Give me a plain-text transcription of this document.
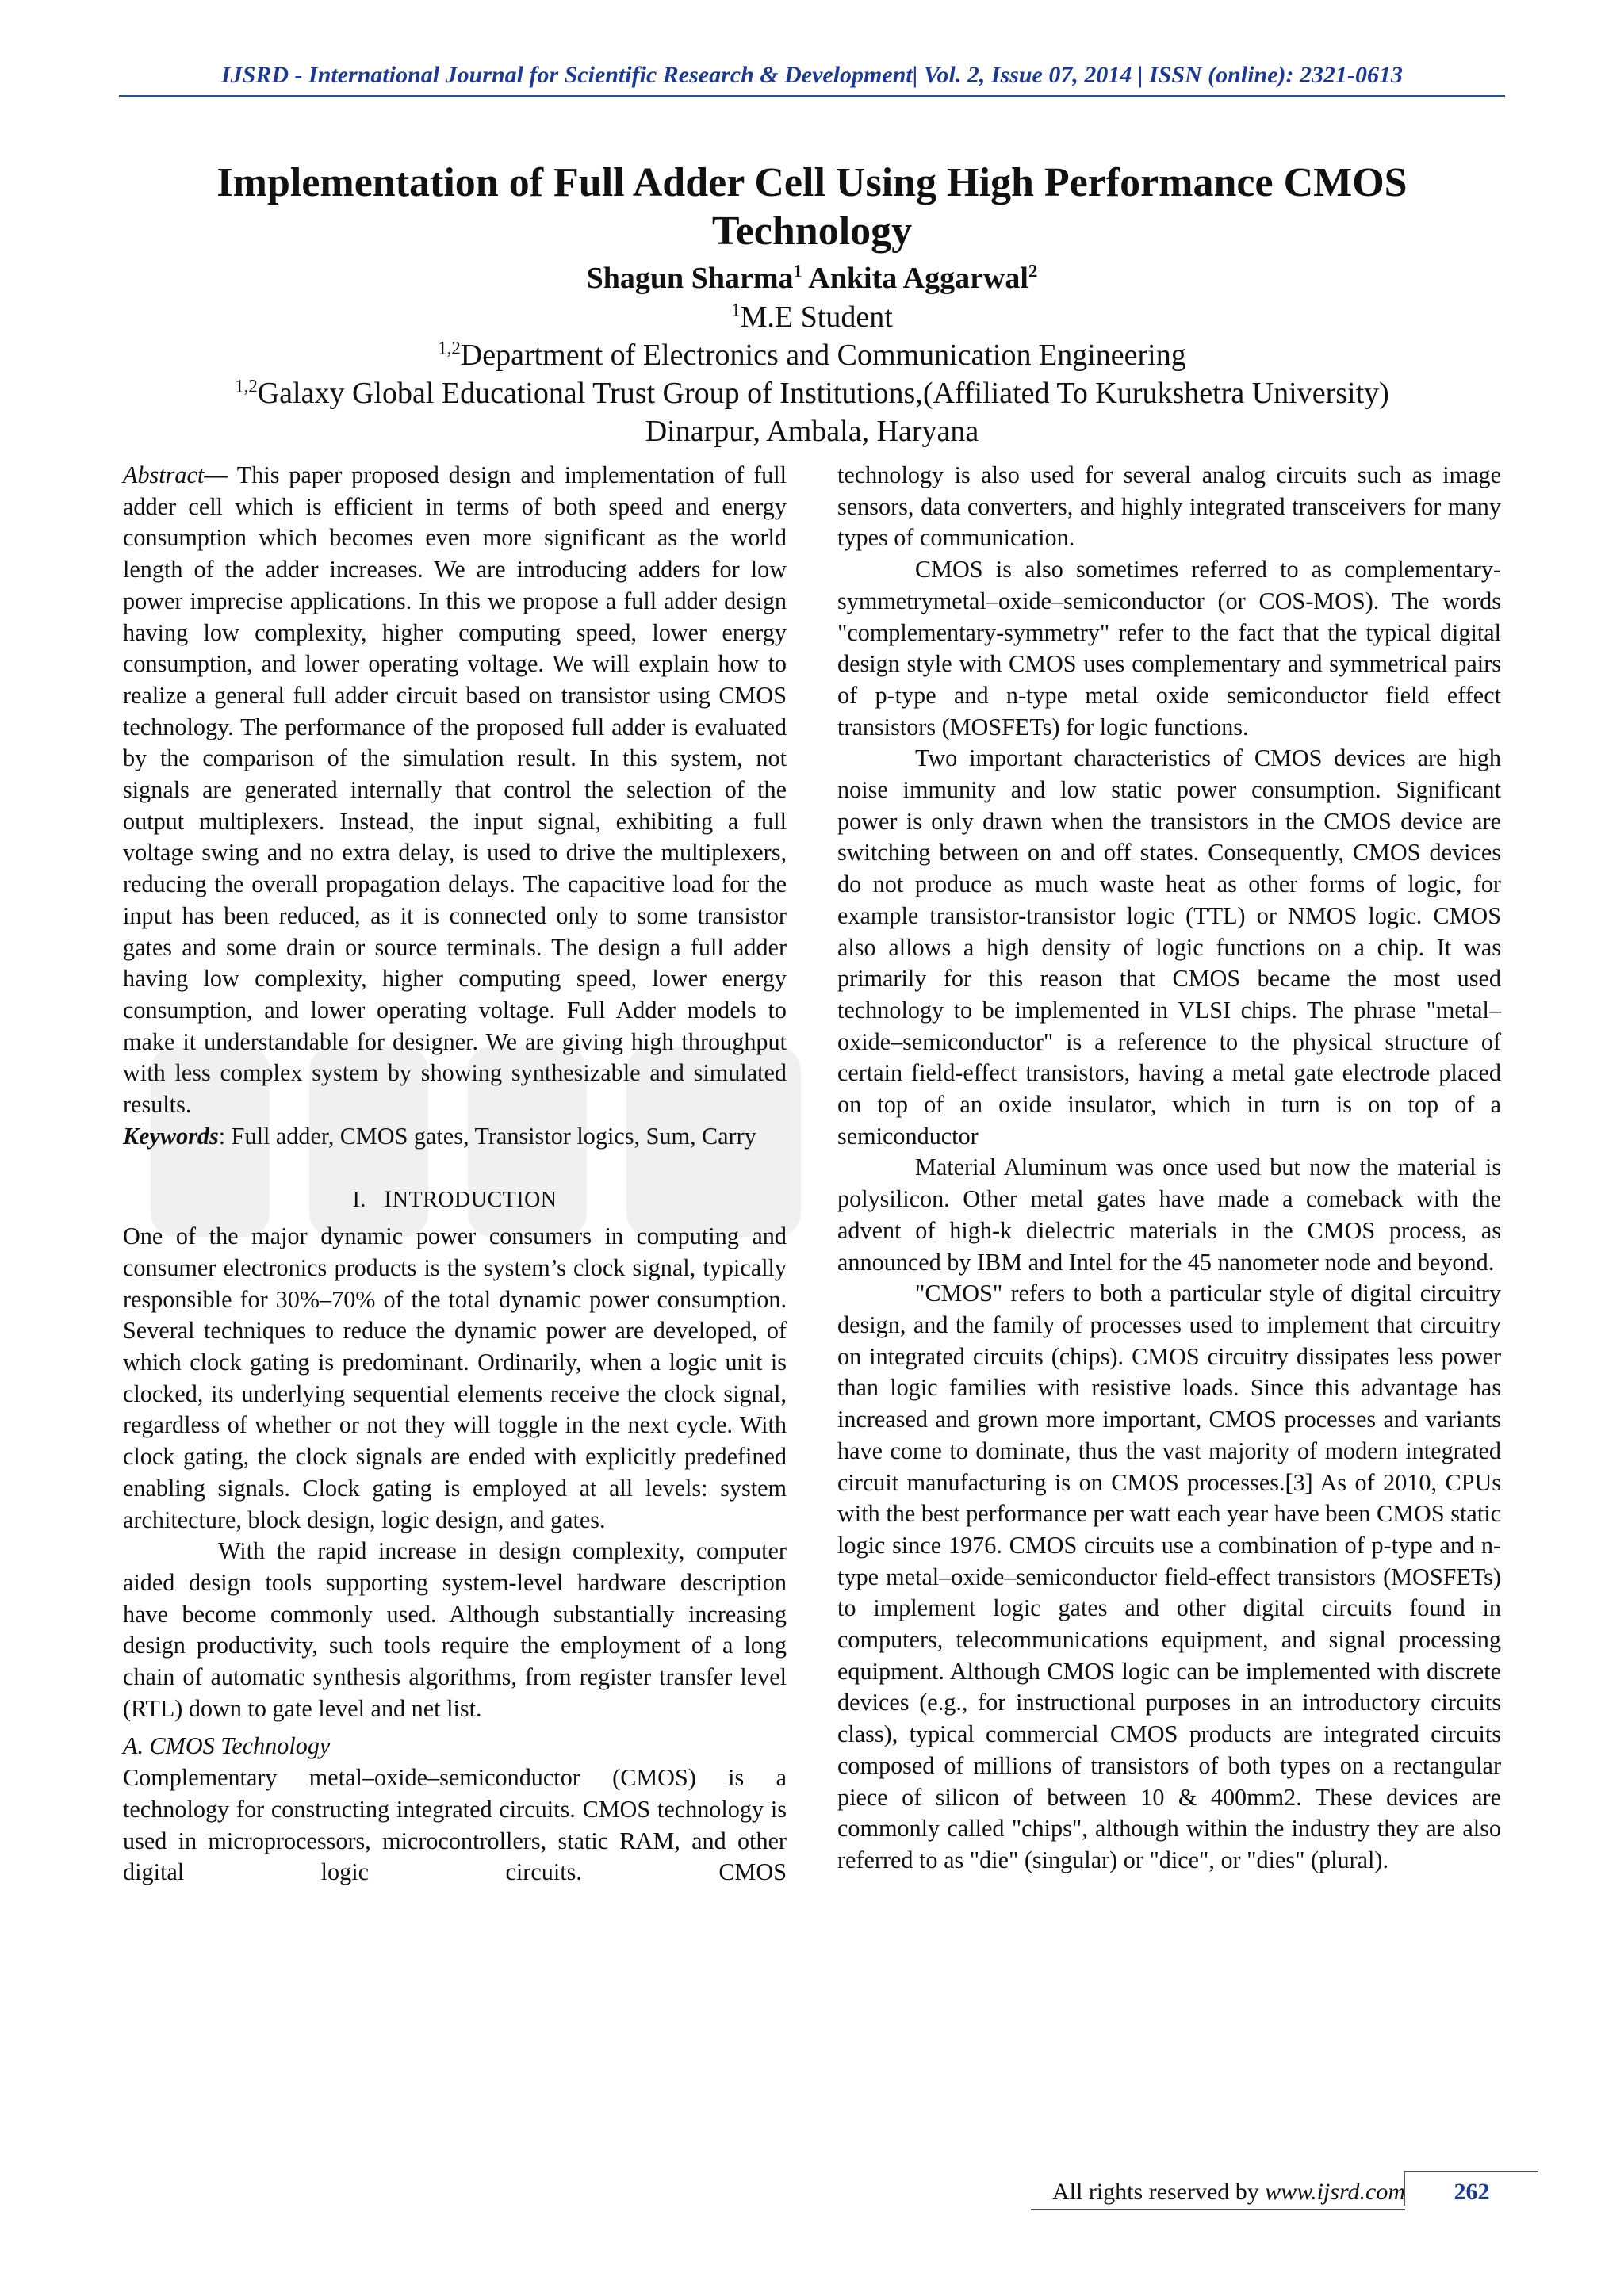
IJSRD - International Journal for Scientific Research & Development| Vol. 2, Issue 07, 2014 | ISSN (online): 2321-0613
Implementation of Full Adder Cell Using High Performance CMOS
Technology
Shagun Sharma$^1$ Ankita Aggarwal$^2$
$^1$M.E Student
$^{1,2}$Department of Electronics and Communication Engineering
$^{1,2}$Galaxy Global Educational Trust Group of Institutions,(Affiliated To Kurukshetra University)
Dinarpur, Ambala, Haryana

Abstract— This paper proposed design and implementation of full adder cell which is efficient in terms of both speed and energy consumption which becomes even more significant as the world length of the adder increases. We are introducing adders for low power imprecise applications. In this we propose a full adder design having low complexity, higher computing speed, lower energy consumption, and lower operating voltage. We will explain how to realize a general full adder circuit based on transistor using CMOS technology. The performance of the proposed full adder is evaluated by the comparison of the simulation result. In this system, not signals are generated internally that control the selection of the output multiplexers. Instead, the input signal, exhibiting a full voltage swing and no extra delay, is used to drive the multiplexers, reducing the overall propagation delays. The capacitive load for the input has been reduced, as it is connected only to some transistor gates and some drain or source terminals. The design a full adder having low complexity, higher computing speed, lower energy consumption, and lower operating voltage. Full Adder models to make it understandable for designer. We are giving high throughput with less complex system by showing synthesizable and simulated results.

Keywords: Full adder, CMOS gates, Transistor logics, Sum, Carry

I. INTRODUCTION

One of the major dynamic power consumers in computing and consumer electronics products is the system’s clock signal, typically responsible for 30%–70% of the total dynamic power consumption. Several techniques to reduce the dynamic power are developed, of which clock gating is predominant. Ordinarily, when a logic unit is clocked, its underlying sequential elements receive the clock signal, regardless of whether or not they will toggle in the next cycle. With clock gating, the clock signals are ended with explicitly predefined enabling signals. Clock gating is employed at all levels: system architecture, block design, logic design, and gates.

With the rapid increase in design complexity, computer aided design tools supporting system-level hardware description have become commonly used. Although substantially increasing design productivity, such tools require the employment of a long chain of automatic synthesis algorithms, from register transfer level (RTL) down to gate level and net list.

A. CMOS Technology

Complementary metal–oxide–semiconductor (CMOS) is a technology for constructing integrated circuits. CMOS technology is used in microprocessors, microcontrollers, static RAM, and other digital logic circuits. CMOS

technology is also used for several analog circuits such as image sensors, data converters, and highly integrated transceivers for many types of communication.

CMOS is also sometimes referred to as complementary-symmetrymetal–oxide–semiconductor (or COS-MOS). The words "complementary-symmetry" refer to the fact that the typical digital design style with CMOS uses complementary and symmetrical pairs of p-type and n-type metal oxide semiconductor field effect transistors (MOSFETs) for logic functions.

Two important characteristics of CMOS devices are high noise immunity and low static power consumption. Significant power is only drawn when the transistors in the CMOS device are switching between on and off states. Consequently, CMOS devices do not produce as much waste heat as other forms of logic, for example transistor-transistor logic (TTL) or NMOS logic. CMOS also allows a high density of logic functions on a chip. It was primarily for this reason that CMOS became the most used technology to be implemented in VLSI chips. The phrase "metal–oxide–semiconductor" is a reference to the physical structure of certain field-effect transistors, having a metal gate electrode placed on top of an oxide insulator, which in turn is on top of a semiconductor

Material Aluminum was once used but now the material is polysilicon. Other metal gates have made a comeback with the advent of high-k dielectric materials in the CMOS process, as announced by IBM and Intel for the 45 nanometer node and beyond.

"CMOS" refers to both a particular style of digital circuitry design, and the family of processes used to implement that circuitry on integrated circuits (chips). CMOS circuitry dissipates less power than logic families with resistive loads. Since this advantage has increased and grown more important, CMOS processes and variants have come to dominate, thus the vast majority of modern integrated circuit manufacturing is on CMOS processes.[3] As of 2010, CPUs with the best performance per watt each year have been CMOS static logic since 1976. CMOS circuits use a combination of p-type and n-type metal–oxide–semiconductor field-effect transistors (MOSFETs) to implement logic gates and other digital circuits found in computers, telecommunications equipment, and signal processing equipment. Although CMOS logic can be implemented with discrete devices (e.g., for instructional purposes in an introductory circuits class), typical commercial CMOS products are integrated circuits composed of millions of transistors of both types on a rectangular piece of silicon of between 10 & 400mm2. These devices are commonly called "chips", although within the industry they are also referred to as "die" (singular) or "dice", or "dies" (plural).

All rights reserved by www.ijsrd.com	262
